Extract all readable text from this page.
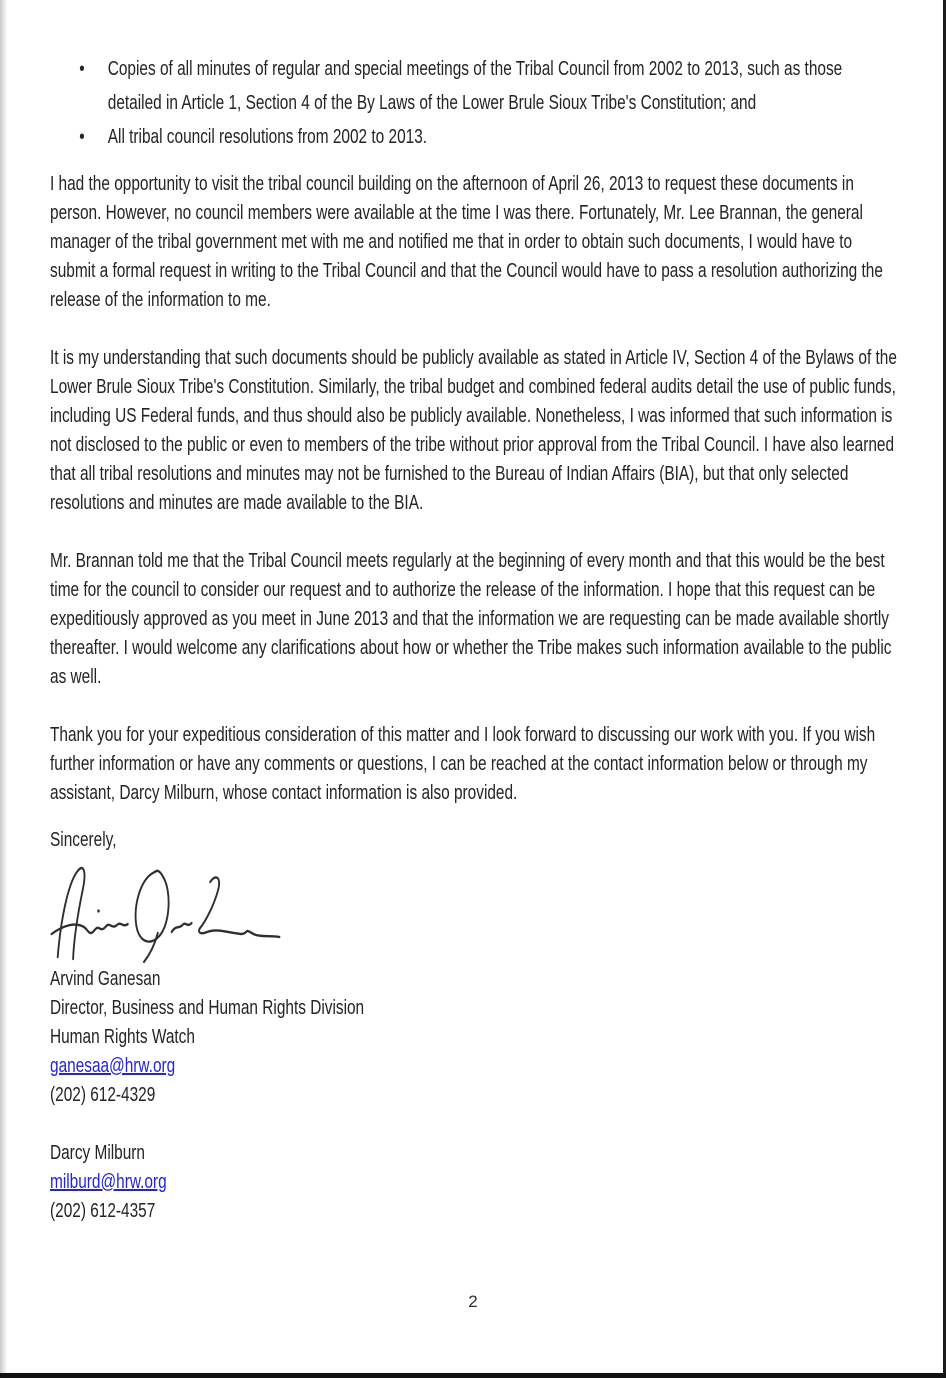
• Copies of all minutes of regular and special meetings of the Tribal Council from 2002 to 2013, such as those detailed in Article 1, Section 4 of the By Laws of the Lower Brule Sioux Tribe's Constitution; and
• All tribal council resolutions from 2002 to 2013.

I had the opportunity to visit the tribal council building on the afternoon of April 26, 2013 to request these documents in person. However, no council members were available at the time I was there. Fortunately, Mr. Lee Brannan, the general manager of the tribal government met with me and notified me that in order to obtain such documents, I would have to submit a formal request in writing to the Tribal Council and that the Council would have to pass a resolution authorizing the release of the information to me.

It is my understanding that such documents should be publicly available as stated in Article IV, Section 4 of the Bylaws of the Lower Brule Sioux Tribe's Constitution. Similarly, the tribal budget and combined federal audits detail the use of public funds, including US Federal funds, and thus should also be publicly available. Nonetheless, I was informed that such information is not disclosed to the public or even to members of the tribe without prior approval from the Tribal Council. I have also learned that all tribal resolutions and minutes may not be furnished to the Bureau of Indian Affairs (BIA), but that only selected resolutions and minutes are made available to the BIA.

Mr. Brannan told me that the Tribal Council meets regularly at the beginning of every month and that this would be the best time for the council to consider our request and to authorize the release of the information. I hope that this request can be expeditiously approved as you meet in June 2013 and that the information we are requesting can be made available shortly thereafter. I would welcome any clarifications about how or whether the Tribe makes such information available to the public as well.

Thank you for your expeditious consideration of this matter and I look forward to discussing our work with you. If you wish further information or have any comments or questions, I can be reached at the contact information below or through my assistant, Darcy Milburn, whose contact information is also provided.

Sincerely,

Arvind Ganesan
Director, Business and Human Rights Division
Human Rights Watch
ganesaa@hrw.org
(202) 612-4329
Darcy Milburn
milburd@hrw.org
(202) 612-4357
2
